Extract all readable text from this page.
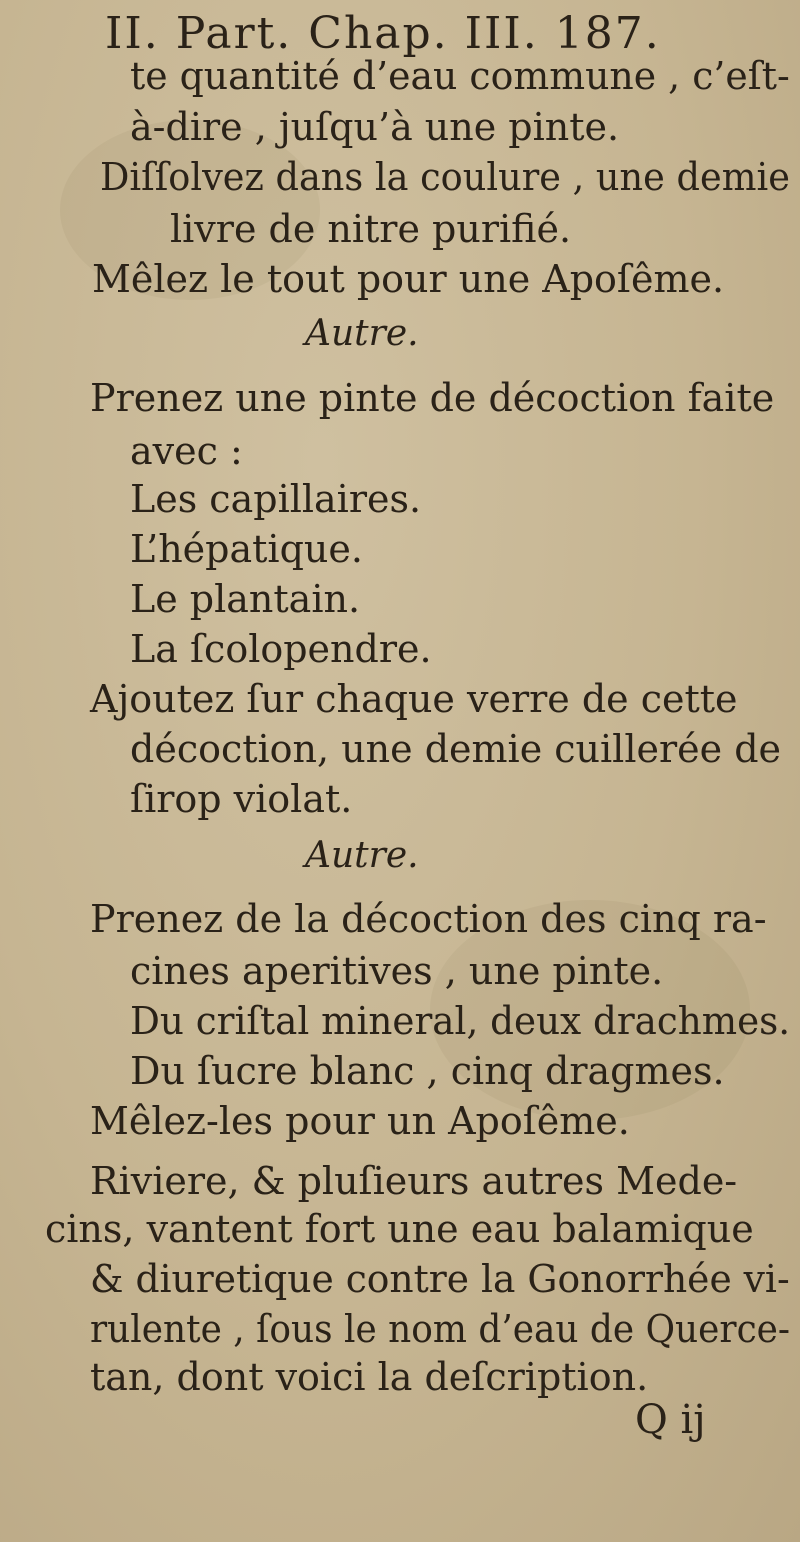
II. Part. Chap. III. 187.
te quantité d’eau commune , c’eſt-
à-dire , juſqu’à une pinte.
Diſſolvez dans la coulure , une demie
livre de nitre purifié.
Mêlez le tout pour une Apoſême.
Autre.
Prenez une pinte de décoction faite
avec :
Les capillaires.
L’hépatique.
Le plantain.
La ſcolopendre.
Ajoutez ſur chaque verre de cette
décoction, une demie cuillerée de
ſirop violat.
Autre.
Prenez de la décoction des cinq ra-
cines aperitives , une pinte.
Du criſtal mineral, deux drachmes.
Du ſucre blanc , cinq dragmes.
Mêlez-les pour un Apoſême.
Riviere, & pluſieurs autres Mede-
cins, vantent fort une eau balamique
& diuretique contre la Gonorrhée vi-
rulente , ſous le nom d’eau de Querce-
tan, dont voici la deſcription.
Q ij
